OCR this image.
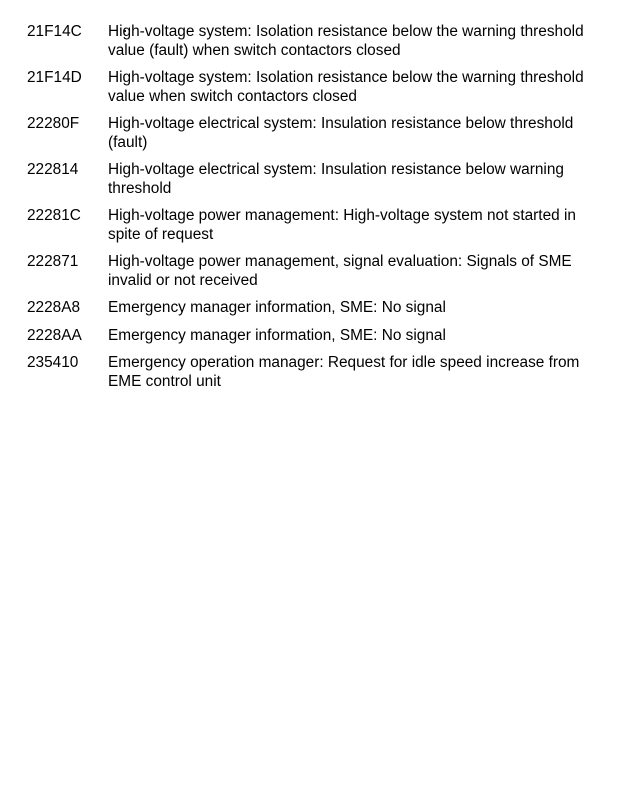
21F14C	High-voltage system: Isolation resistance below the warning threshold value (fault) when switch contactors closed
21F14D	High-voltage system: Isolation resistance below the warning threshold value when switch contactors closed
22280F	High-voltage electrical system: Insulation resistance below threshold (fault)
222814	High-voltage electrical system: Insulation resistance below warning threshold
22281C	High-voltage power management: High-voltage system not started in spite of request
222871	High-voltage power management, signal evaluation: Signals of SME invalid or not received
2228A8	Emergency manager information, SME: No signal
2228AA	Emergency manager information, SME: No signal
235410	Emergency operation manager: Request for idle speed increase from EME control unit
